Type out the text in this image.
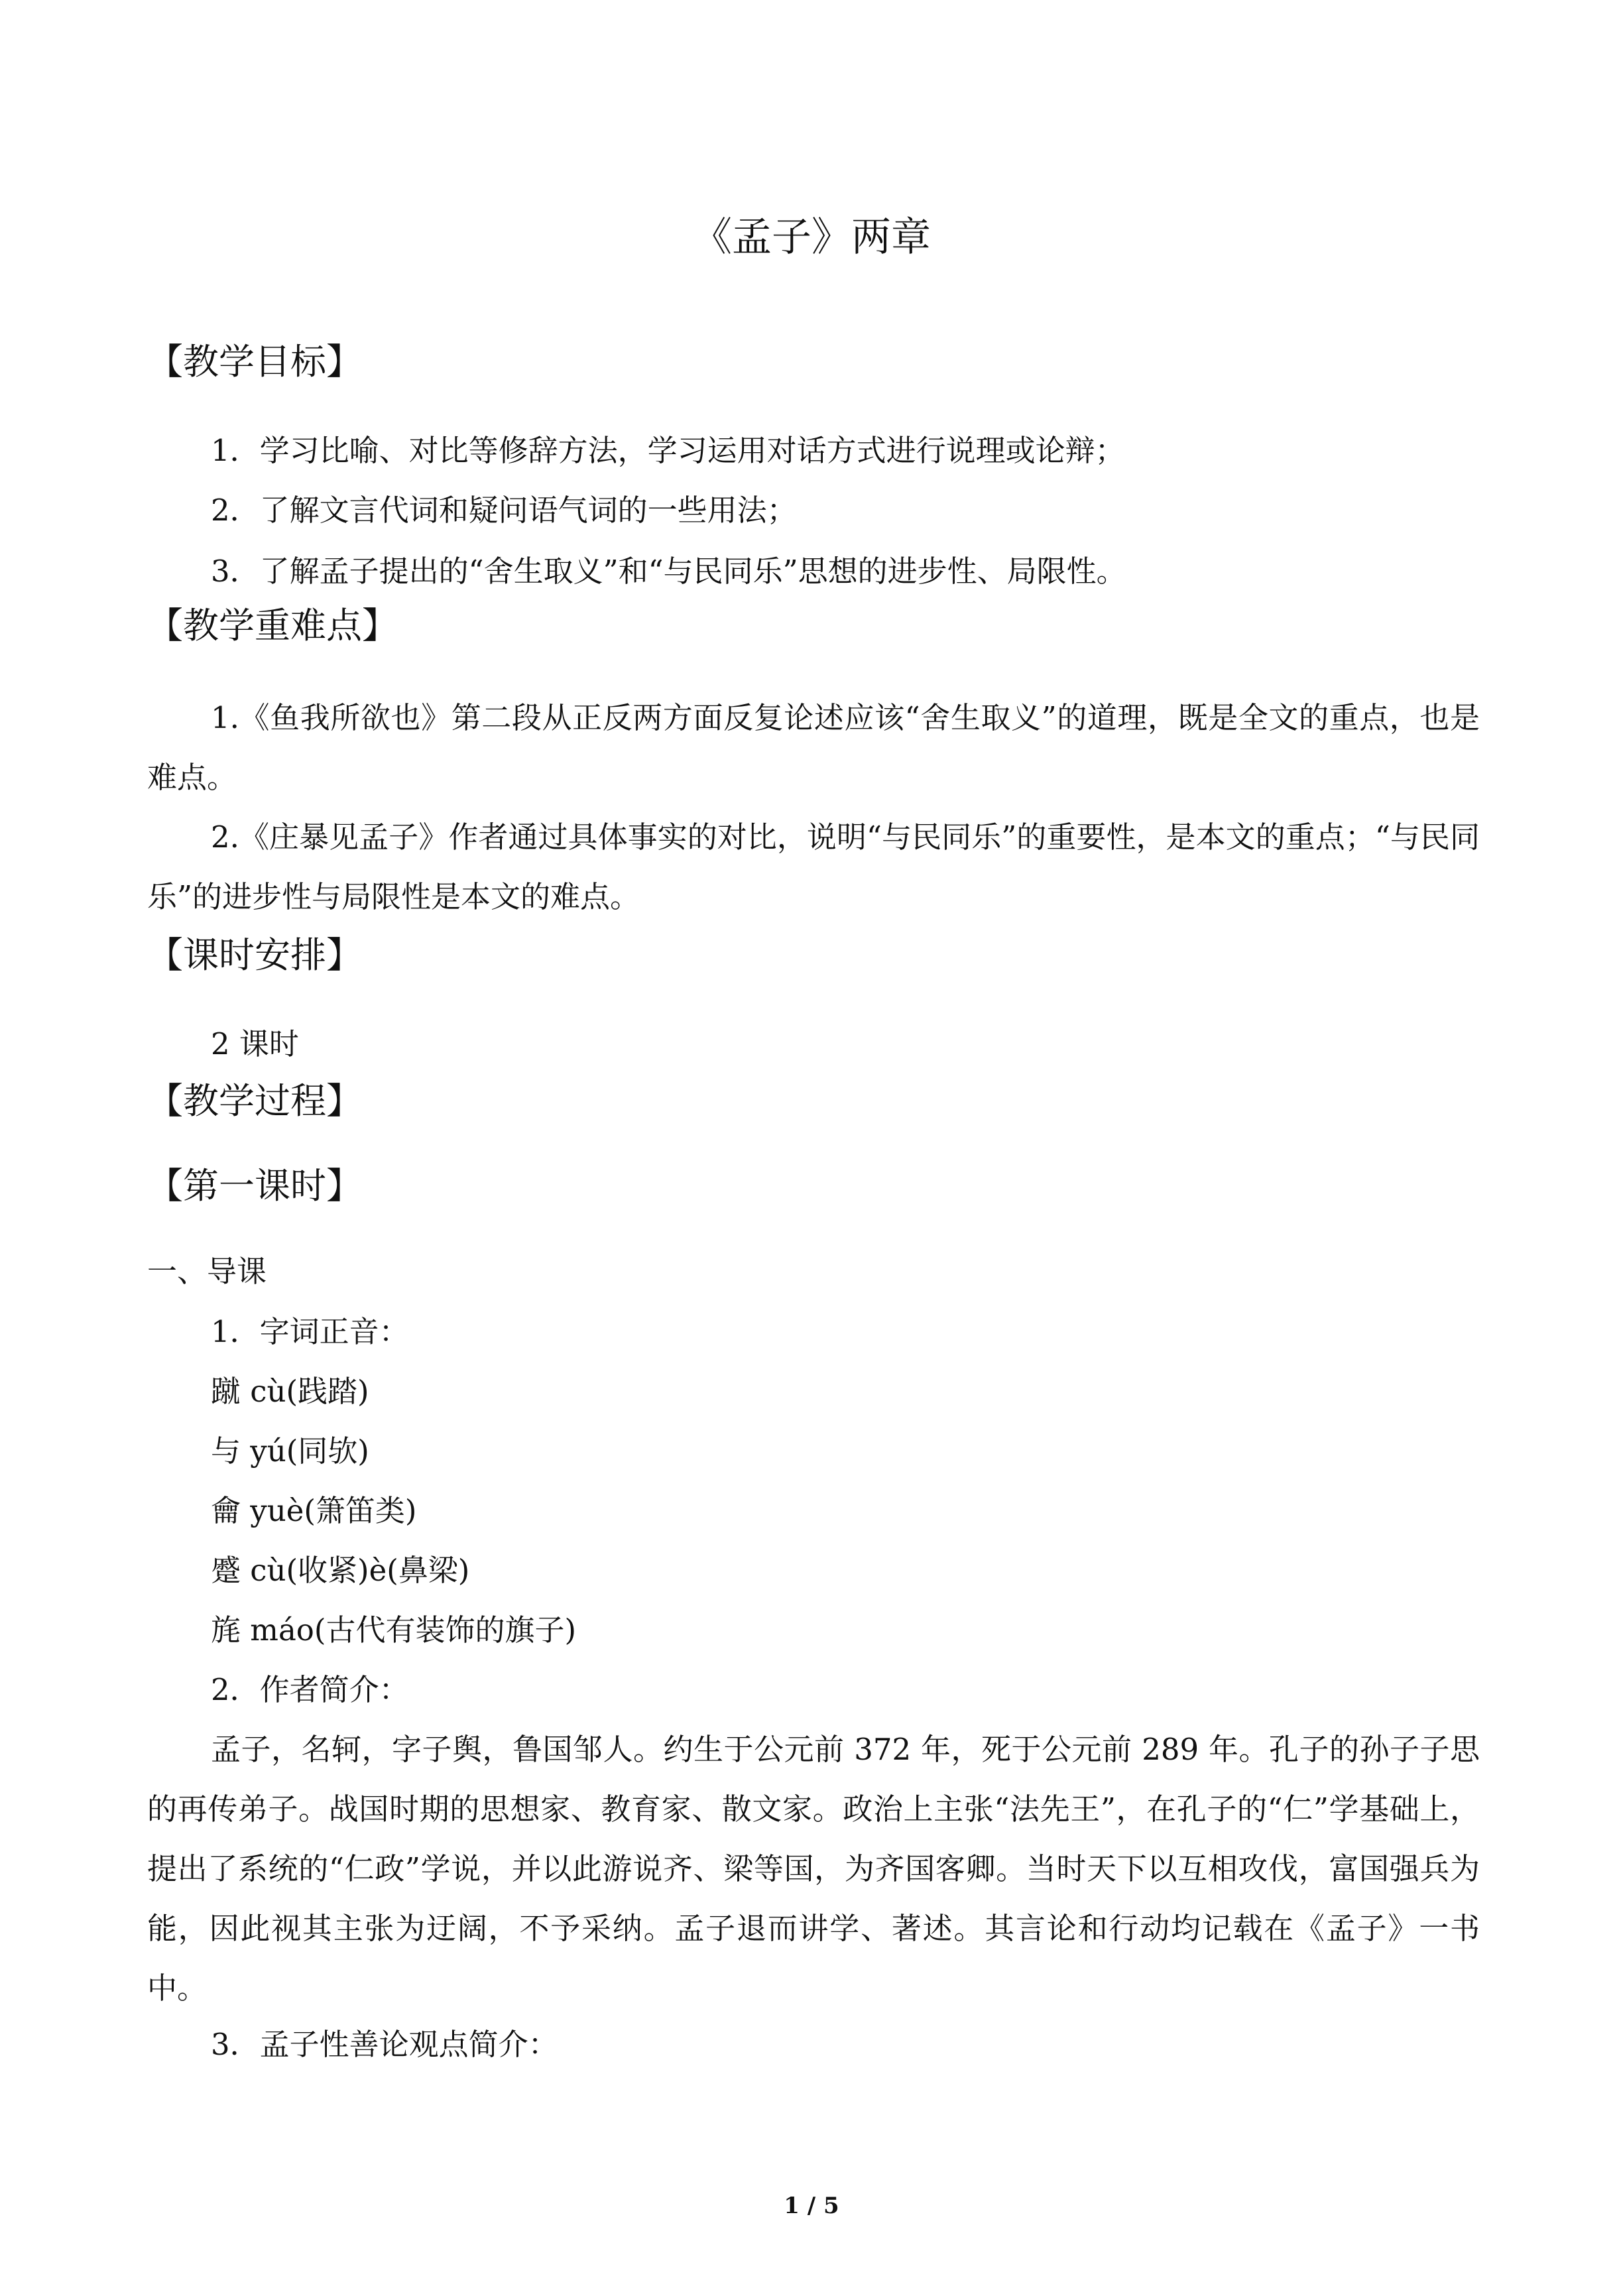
《孟子》两章
【教学目标】
1．学习比喻、对比等修辞方法，学习运用对话方式进行说理或论辩；
2．了解文言代词和疑问语气词的一些用法；
3．了解孟子提出的“舍生取义”和“与民同乐”思想的进步性、局限性。
【教学重难点】
1.《鱼我所欲也》第二段从正反两方面反复论述应该“舍生取义”的道理，既是全文的重点，也是难点。
2.《庄暴见孟子》作者通过具体事实的对比，说明“与民同乐”的重要性，是本文的重点；“与民同乐”的进步性与局限性是本文的难点。
【课时安排】
2 课时
【教学过程】
【第一课时】
一、导课
1．字词正音：
蹴 cù(践踏)
与 yú(同欤)
龠 yuè(箫笛类)
蹙 cù(收紧)è(鼻梁)
旄 máo(古代有装饰的旗子)
2．作者简介：
孟子，名轲，字子舆，鲁国邹人。约生于公元前 372 年，死于公元前 289 年。孔子的孙子子思的再传弟子。战国时期的思想家、教育家、散文家。政治上主张“法先王”，在孔子的“仁”学基础上，提出了系统的“仁政”学说，并以此游说齐、梁等国，为齐国客卿。当时天下以互相攻伐，富国强兵为能，因此视其主张为迂阔，不予采纳。孟子退而讲学、著述。其言论和行动均记载在《孟子》一书中。
3．孟子性善论观点简介：
1 / 5
